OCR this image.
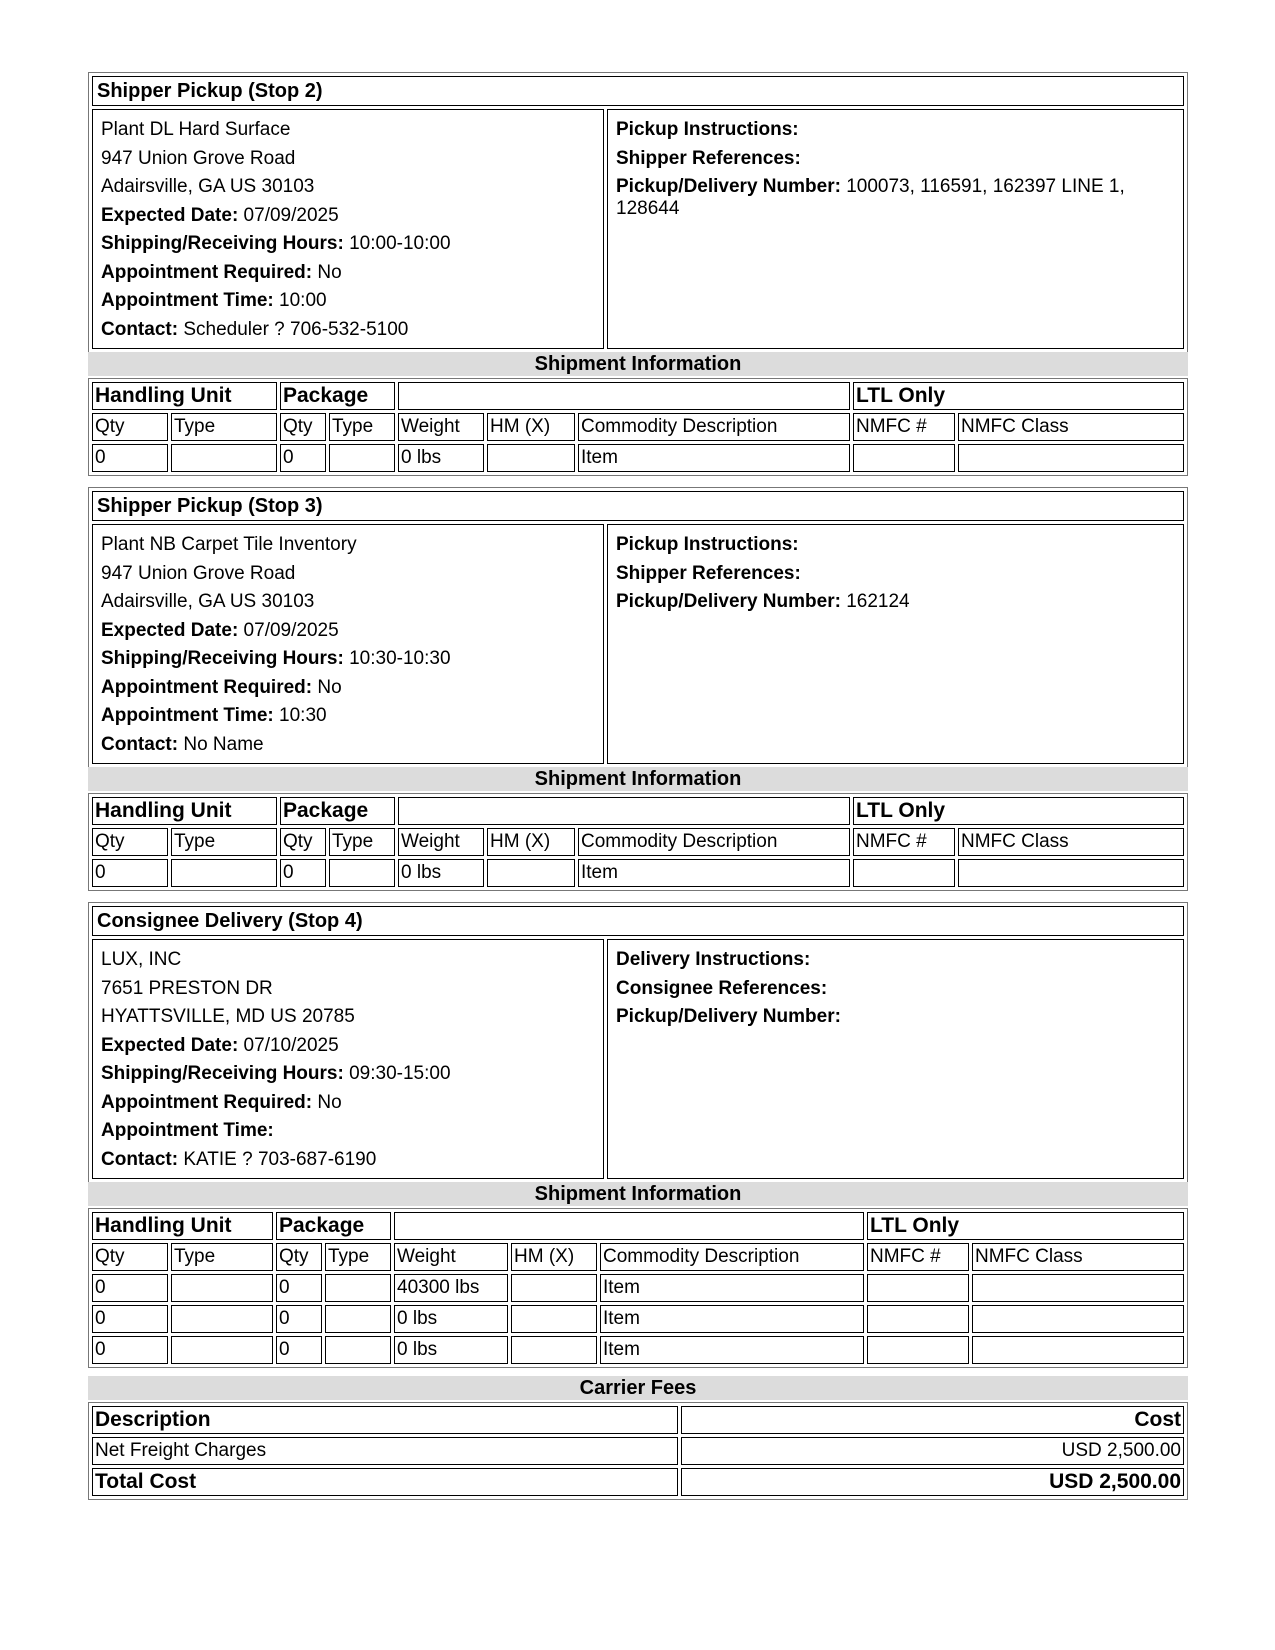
Shipper Pickup (Stop 2)

Plant DL Hard Surface
947 Union Grove Road
Adairsville, GA US 30103
Expected Date: 07/09/2025
Shipping/Receiving Hours: 10:00-10:00
Appointment Required: No
Appointment Time: 10:00
Contact: Scheduler ? 706-532-5100

Pickup Instructions:
Shipper References:
Pickup/Delivery Number: 100073, 116591, 162397 LINE 1, 128644
Shipment Information
Handling Unit		Package					LTL Only	
Qty	Type	Qty	Type	Weight	HM (X)	Commodity Description	NMFC #	NMFC Class
0		0		0 lbs		Item		
Shipper Pickup (Stop 3)

Plant NB Carpet Tile Inventory
947 Union Grove Road
Adairsville, GA US 30103
Expected Date: 07/09/2025
Shipping/Receiving Hours: 10:30-10:30
Appointment Required: No
Appointment Time: 10:30
Contact: No Name

Pickup Instructions:
Shipper References:
Pickup/Delivery Number: 162124
Shipment Information
Handling Unit		Package					LTL Only	
Qty	Type	Qty	Type	Weight	HM (X)	Commodity Description	NMFC #	NMFC Class
0		0		0 lbs		Item		
Consignee Delivery (Stop 4)

LUX, INC
7651 PRESTON DR
HYATTSVILLE, MD US 20785
Expected Date: 07/10/2025
Shipping/Receiving Hours: 09:30-15:00
Appointment Required: No
Appointment Time:
Contact: KATIE ? 703-687-6190

Delivery Instructions:
Consignee References:
Pickup/Delivery Number:
Shipment Information
Handling Unit		Package					LTL Only	
Qty	Type	Qty	Type	Weight	HM (X)	Commodity Description	NMFC #	NMFC Class
0		0		40300 lbs		Item		
0		0		0 lbs		Item		
0		0		0 lbs		Item		
Carrier Fees
Description	Cost
Net Freight Charges	USD 2,500.00
Total Cost	USD 2,500.00
